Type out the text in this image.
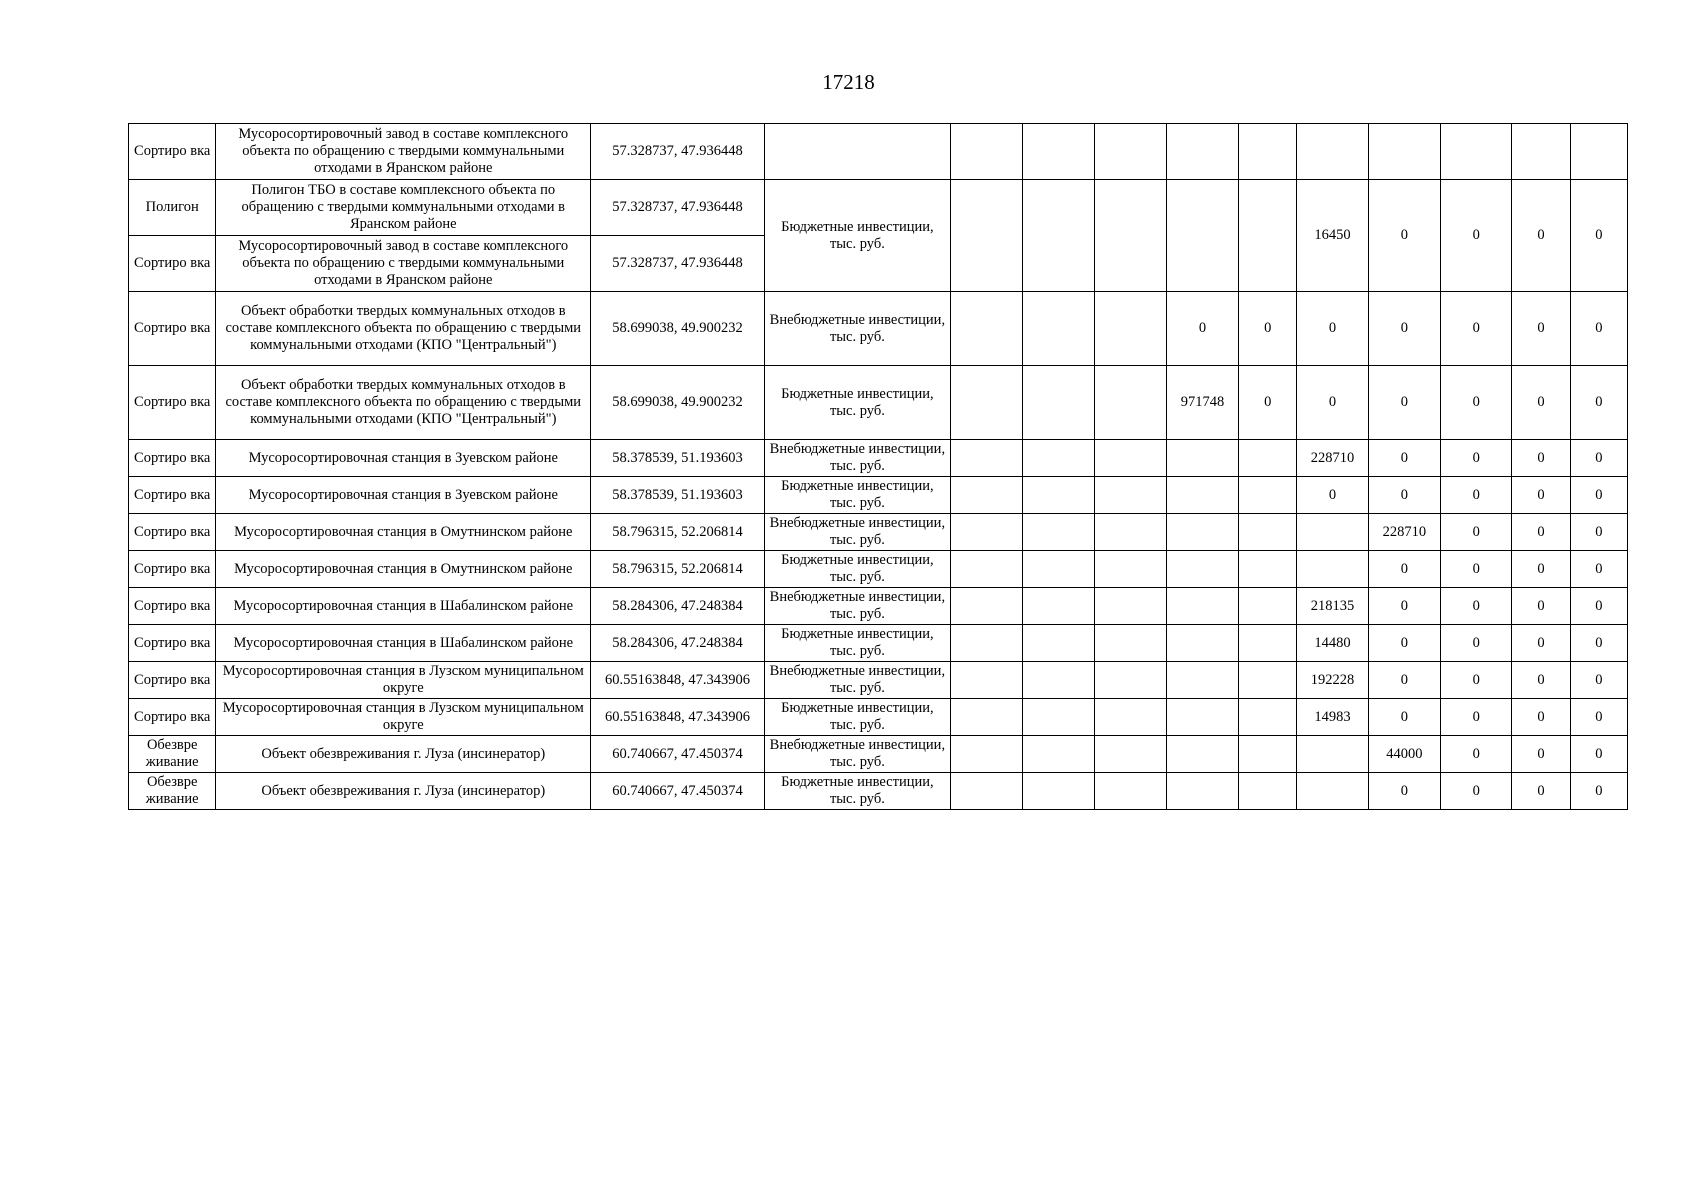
17218
Сортиро вка	Мусоросортировочный завод в составе комплексного объекта по обращению с твердыми коммунальными отходами в Яранском районе	57.328737, 47.936448											
Полигон	Полигон ТБО в составе комплексного объекта по обращению с твердыми коммунальными отходами в Яранском районе	57.328737, 47.936448	Бюджетные инвестиции, тыс. руб.						16450	0	0	0	0
Сортиро вка	Мусоросортировочный завод в составе комплексного объекта по обращению с твердыми коммунальными отходами в Яранском районе	57.328737, 47.936448											
Сортиро вка	Объект обработки твердых коммунальных отходов в составе комплексного объекта по обращению с твердыми коммунальными отходами (КПО "Центральный")	58.699038, 49.900232	Внебюджетные инвестиции, тыс. руб.				0	0	0	0	0	0	0
Сортиро вка	Объект обработки твердых коммунальных отходов в составе комплексного объекта по обращению с твердыми коммунальными отходами (КПО "Центральный")	58.699038, 49.900232	Бюджетные инвестиции, тыс. руб.				971748	0	0	0	0	0	0
Сортиро вка	Мусоросортировочная станция в Зуевском районе	58.378539, 51.193603	Внебюджетные инвестиции, тыс. руб.						228710	0	0	0	0
Сортиро вка	Мусоросортировочная станция в Зуевском районе	58.378539, 51.193603	Бюджетные инвестиции, тыс. руб.						0	0	0	0	0
Сортиро вка	Мусоросортировочная станция в Омутнинском районе	58.796315, 52.206814	Внебюджетные инвестиции, тыс. руб.							228710	0	0	0
Сортиро вка	Мусоросортировочная станция в Омутнинском районе	58.796315, 52.206814	Бюджетные инвестиции, тыс. руб.							0	0	0	0
Сортиро вка	Мусоросортировочная станция в Шабалинском районе	58.284306, 47.248384	Внебюджетные инвестиции, тыс. руб.						218135	0	0	0	0
Сортиро вка	Мусоросортировочная станция в Шабалинском районе	58.284306, 47.248384	Бюджетные инвестиции, тыс. руб.						14480	0	0	0	0
Сортиро вка	Мусоросортировочная станция в Лузском муниципальном округе	60.55163848, 47.343906	Внебюджетные инвестиции, тыс. руб.						192228	0	0	0	0
Сортиро вка	Мусоросортировочная станция в Лузском муниципальном округе	60.55163848, 47.343906	Бюджетные инвестиции, тыс. руб.						14983	0	0	0	0
Обезвре живание	Объект обезвреживания г. Луза (инсинератор)	60.740667, 47.450374	Внебюджетные инвестиции, тыс. руб.							44000	0	0	0
Обезвре живание	Объект обезвреживания г. Луза (инсинератор)	60.740667, 47.450374	Бюджетные инвестиции, тыс. руб.							0	0	0	0
